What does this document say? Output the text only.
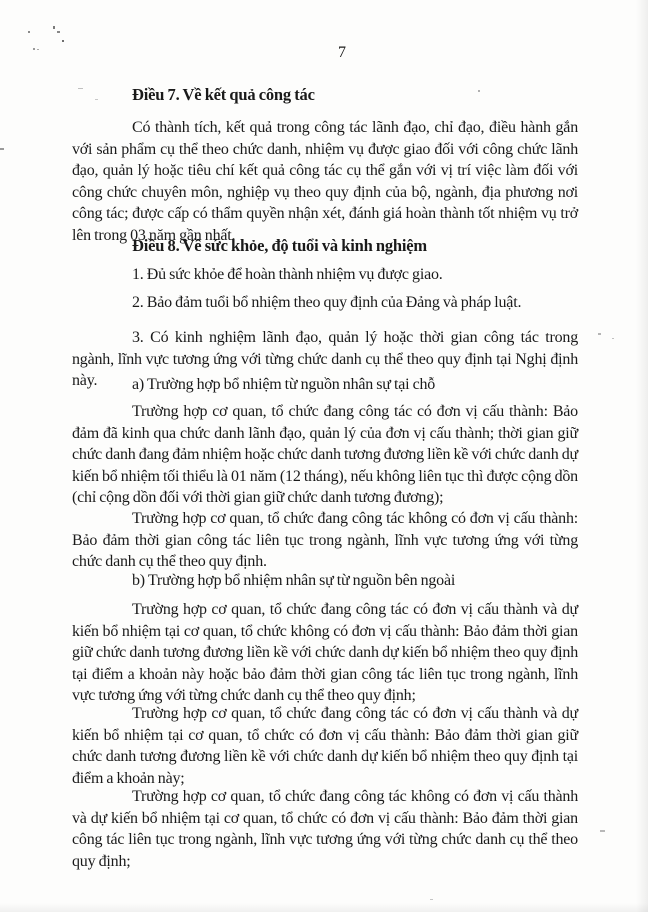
7
Điều 7. Về kết quả công tác
Có thành tích, kết quả trong công tác lãnh đạo, chỉ đạo, điều hành gắn với sản phẩm cụ thể theo chức danh, nhiệm vụ được giao đối với công chức lãnh đạo, quản lý hoặc tiêu chí kết quả công tác cụ thể gắn với vị trí việc làm đối với công chức chuyên môn, nghiệp vụ theo quy định của bộ, ngành, địa phương nơi công tác; được cấp có thẩm quyền nhận xét, đánh giá hoàn thành tốt nhiệm vụ trở lên trong 03 năm gần nhất.
Điều 8. Về sức khỏe, độ tuổi và kinh nghiệm
1. Đủ sức khỏe để hoàn thành nhiệm vụ được giao.
2. Bảo đảm tuổi bổ nhiệm theo quy định của Đảng và pháp luật.
3. Có kinh nghiệm lãnh đạo, quản lý hoặc thời gian công tác trong ngành, lĩnh vực tương ứng với từng chức danh cụ thể theo quy định tại Nghị định này.	a) Trường hợp bổ nhiệm từ nguồn nhân sự tại chỗ
Trường hợp cơ quan, tổ chức đang công tác có đơn vị cấu thành: Bảo đảm đã kinh qua chức danh lãnh đạo, quản lý của đơn vị cấu thành; thời gian giữ chức danh đang đảm nhiệm hoặc chức danh tương đương liền kề với chức danh dự kiến bổ nhiệm tối thiểu là 01 năm (12 tháng), nếu không liên tục thì được cộng dồn (chỉ cộng dồn đối với thời gian giữ chức danh tương đương);
Trường hợp cơ quan, tổ chức đang công tác không có đơn vị cấu thành: Bảo đảm thời gian công tác liên tục trong ngành, lĩnh vực tương ứng với từng chức danh cụ thể theo quy định.
b) Trường hợp bổ nhiệm nhân sự từ nguồn bên ngoài
Trường hợp cơ quan, tổ chức đang công tác có đơn vị cấu thành và dự kiến bổ nhiệm tại cơ quan, tổ chức không có đơn vị cấu thành: Bảo đảm thời gian giữ chức danh tương đương liền kề với chức danh dự kiến bổ nhiệm theo quy định tại điểm a khoản này hoặc bảo đảm thời gian công tác liên tục trong ngành, lĩnh vực tương ứng với từng chức danh cụ thể theo quy định;
Trường hợp cơ quan, tổ chức đang công tác có đơn vị cấu thành và dự kiến bổ nhiệm tại cơ quan, tổ chức có đơn vị cấu thành: Bảo đảm thời gian giữ chức danh tương đương liền kề với chức danh dự kiến bổ nhiệm theo quy định tại điểm a khoản này;
Trường hợp cơ quan, tổ chức đang công tác không có đơn vị cấu thành và dự kiến bổ nhiệm tại cơ quan, tổ chức có đơn vị cấu thành: Bảo đảm thời gian công tác liên tục trong ngành, lĩnh vực tương ứng với từng chức danh cụ thể theo quy định;
